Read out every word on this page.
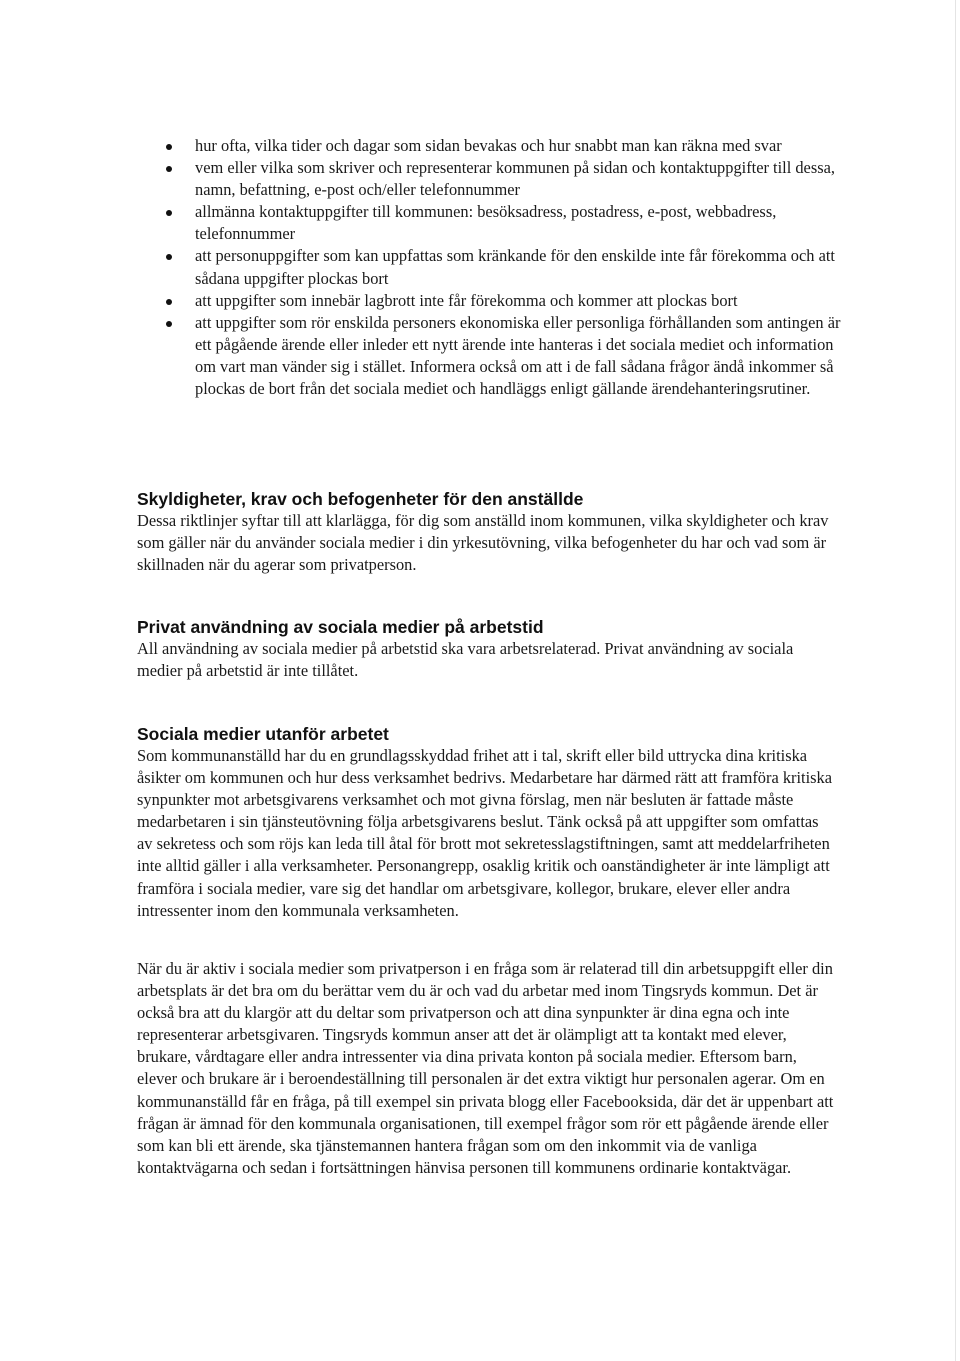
hur ofta, vilka tider och dagar som sidan bevakas och hur snabbt man kan räkna med svar
vem eller vilka som skriver och representerar kommunen på sidan och kontaktuppgifter till dessa, namn, befattning, e-post och/eller telefonnummer
allmänna kontaktuppgifter till kommunen: besöksadress, postadress, e-post, webbadress, telefonnummer
att personuppgifter som kan uppfattas som kränkande för den enskilde inte får förekomma och att sådana uppgifter plockas bort
att uppgifter som innebär lagbrott inte får förekomma och kommer att plockas bort
att uppgifter som rör enskilda personers ekonomiska eller personliga förhållanden som antingen är ett pågående ärende eller inleder ett nytt ärende inte hanteras i det sociala mediet och information om vart man vänder sig i stället. Informera också om att i de fall sådana frågor ändå inkommer så plockas de bort från det sociala mediet och handläggs enligt gällande ärendehanteringsrutiner.
Skyldigheter, krav och befogenheter för den anställde

Dessa riktlinjer syftar till att klarlägga, för dig som anställd inom kommunen, vilka skyldigheter och krav som gäller när du använder sociala medier i din yrkesutövning, vilka befogenheter du har och vad som är skillnaden när du agerar som privatperson.

Privat användning av sociala medier på arbetstid

All användning av sociala medier på arbetstid ska vara arbetsrelaterad. Privat användning av sociala medier på arbetstid är inte tillåtet.

Sociala medier utanför arbetet

Som kommunanställd har du en grundlagsskyddad frihet att i tal, skrift eller bild uttrycka dina kritiska åsikter om kommunen och hur dess verksamhet bedrivs. Medarbetare har därmed rätt att framföra kritiska synpunkter mot arbetsgivarens verksamhet och mot givna förslag, men när besluten är fattade måste medarbetaren i sin tjänsteutövning följa arbetsgivarens beslut. Tänk också på att uppgifter som omfattas av sekretess och som röjs kan leda till åtal för brott mot sekretesslagstiftningen, samt att meddelarfriheten inte alltid gäller i alla verksamheter. Personangrepp, osaklig kritik och oanständigheter är inte lämpligt att framföra i sociala medier, vare sig det handlar om arbetsgivare, kollegor, brukare, elever eller andra intressenter inom den kommunala verksamheten.

När du är aktiv i sociala medier som privatperson i en fråga som är relaterad till din arbetsuppgift eller din arbetsplats är det bra om du berättar vem du är och vad du arbetar med inom Tingsryds kommun. Det är också bra att du klargör att du deltar som privatperson och att dina synpunkter är dina egna och inte representerar arbetsgivaren. Tingsryds kommun anser att det är olämpligt att ta kontakt med elever, brukare, vårdtagare eller andra intressenter via dina privata konton på sociala medier. Eftersom barn, elever och brukare är i beroendeställning till personalen är det extra viktigt hur personalen agerar. Om en kommunanställd får en fråga, på till exempel sin privata blogg eller Facebooksida, där det är uppenbart att frågan är ämnad för den kommunala organisationen, till exempel frågor som rör ett pågående ärende eller som kan bli ett ärende, ska tjänstemannen hantera frågan som om den inkommit via de vanliga kontaktvägarna och sedan i fortsättningen hänvisa personen till kommunens ordinarie kontaktvägar.
